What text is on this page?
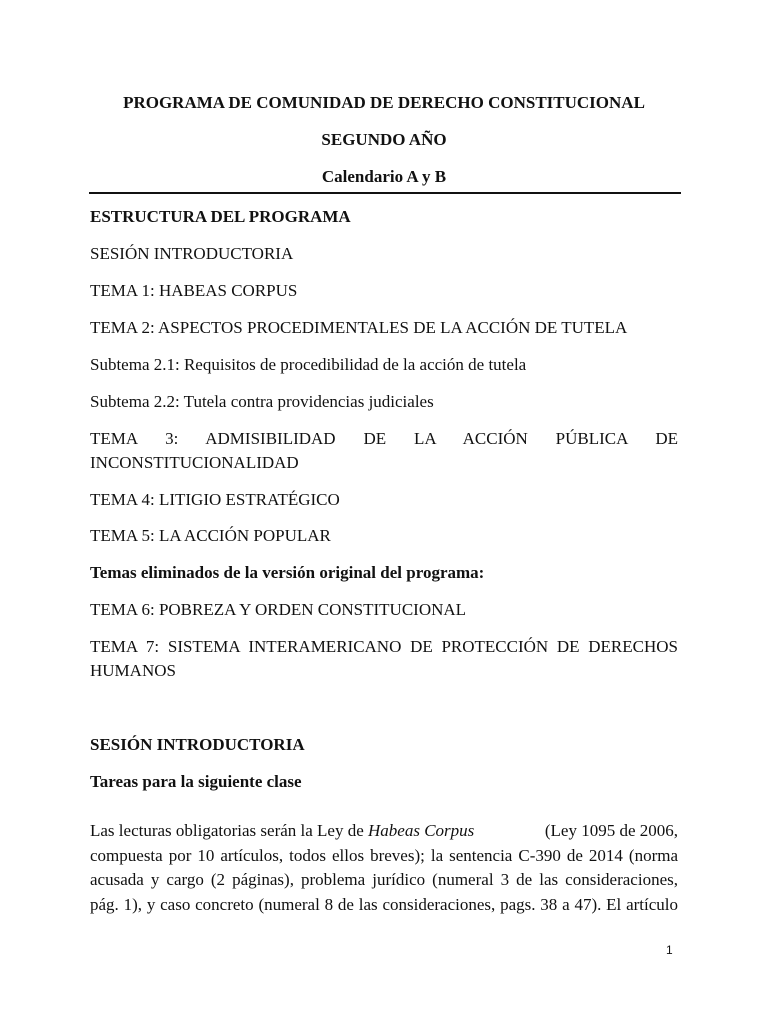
PROGRAMA DE COMUNIDAD DE DERECHO CONSTITUCIONAL
SEGUNDO AÑO
Calendario A y B
ESTRUCTURA DEL PROGRAMA
SESIÓN INTRODUCTORIA
TEMA 1: HABEAS CORPUS
TEMA 2: ASPECTOS PROCEDIMENTALES DE LA ACCIÓN DE TUTELA
Subtema 2.1: Requisitos de procedibilidad de la acción de tutela
Subtema 2.2: Tutela contra providencias judiciales
TEMA 3: ADMISIBILIDAD DE LA ACCIÓN PÚBLICA DE
INCONSTITUCIONALIDAD
TEMA 4: LITIGIO ESTRATÉGICO
TEMA 5: LA ACCIÓN POPULAR
Temas eliminados de la versión original del programa:
TEMA 6: POBREZA Y ORDEN CONSTITUCIONAL
TEMA 7: SISTEMA INTERAMERICANO DE PROTECCIÓN DE DERECHOS
HUMANOS
SESIÓN INTRODUCTORIA
Tareas para la siguiente clase
Las lecturas obligatorias serán la Ley de Habeas Corpus	(Ley 1095 de 2006,
compuesta por 10 artículos, todos ellos breves); la sentencia C-390 de 2014 (norma
acusada y cargo (2 páginas), problema jurídico (numeral 3 de las consideraciones,
pág. 1), y caso concreto (numeral 8 de las consideraciones, pags. 38 a 47). El artículo
1
